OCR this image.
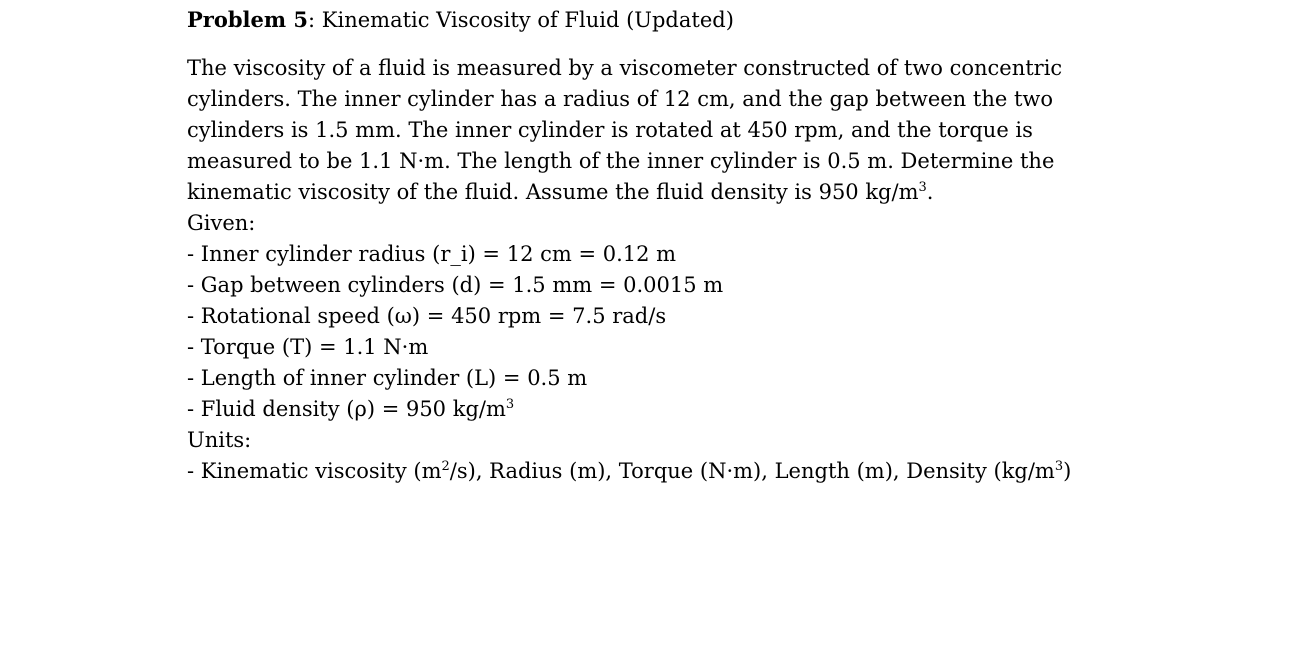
Problem 5: Kinematic Viscosity of Fluid (Updated)

The viscosity of a fluid is measured by a viscometer constructed of two concentric cylinders. The inner cylinder has a radius of 12 cm, and the gap between the two cylinders is 1.5 mm. The inner cylinder is rotated at 450 rpm, and the torque is measured to be 1.1 N·m. The length of the inner cylinder is 0.5 m. Determine the kinematic viscosity of the fluid. Assume the fluid density is 950 $kg/m^3$.

Given:
- Inner cylinder radius (r_i) = 12 cm = 0.12 m
- Gap between cylinders (d) = 1.5 mm = 0.0015 m
- Rotational speed (ω) = 450 rpm = 7.5 rad/s
- Torque (T) = 1.1 N·m
- Length of inner cylinder (L) = 0.5 m
- Fluid density (ρ) = 950 $kg/m^3$
Units:
- Kinematic viscosity $(m^2/s)$, Radius (m), Torque (N·m), Length (m), Density $(kg/m^3)$
